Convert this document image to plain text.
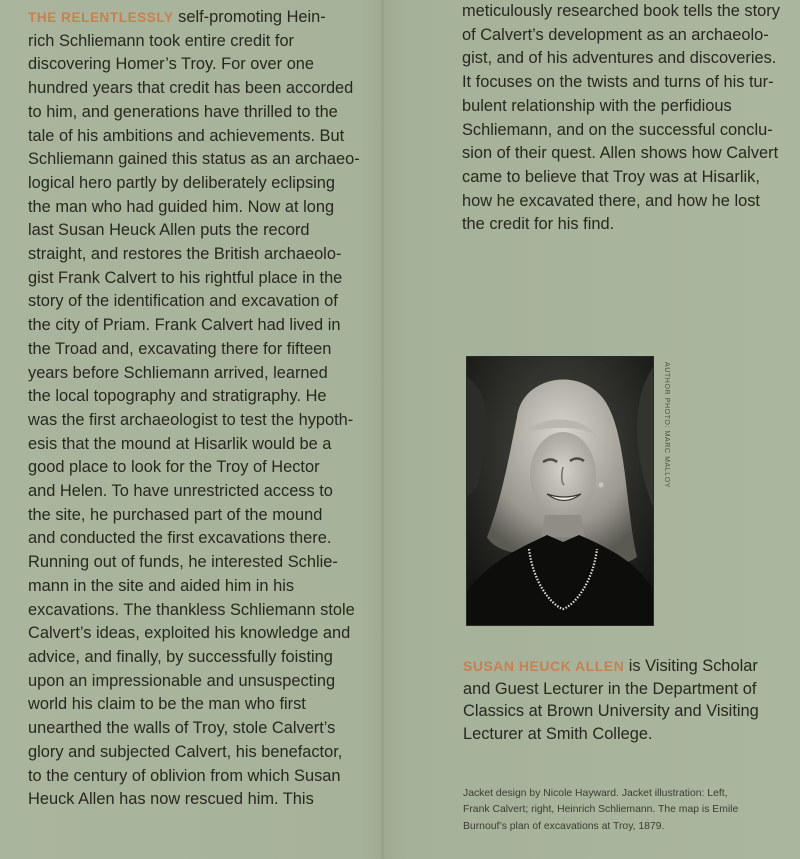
THE RELENTLESSLY self-promoting Hein-
rich Schliemann took entire credit for
discovering Homer’s Troy. For over one
hundred years that credit has been accorded
to him, and generations have thrilled to the
tale of his ambitions and achievements. But
Schliemann gained this status as an archaeo-
logical hero partly by deliberately eclipsing
the man who had guided him. Now at long
last Susan Heuck Allen puts the record
straight, and restores the British archaeolo-
gist Frank Calvert to his rightful place in the
story of the identification and excavation of
the city of Priam. Frank Calvert had lived in
the Troad and, excavating there for fifteen
years before Schliemann arrived, learned
the local topography and stratigraphy. He
was the first archaeologist to test the hypoth-
esis that the mound at Hisarlik would be a
good place to look for the Troy of Hector
and Helen. To have unrestricted access to
the site, he purchased part of the mound
and conducted the first excavations there.
Running out of funds, he interested Schlie-
mann in the site and aided him in his
excavations. The thankless Schliemann stole
Calvert’s ideas, exploited his knowledge and
advice, and finally, by successfully foisting
upon an impressionable and unsuspecting
world his claim to be the man who first
unearthed the walls of Troy, stole Calvert’s
glory and subjected Calvert, his benefactor,
to the century of oblivion from which Susan
Heuck Allen has now rescued him. This
meticulously researched book tells the story
of Calvert’s development as an archaeolo-
gist, and of his adventures and discoveries.
It focuses on the twists and turns of his tur-
bulent relationship with the perfidious
Schliemann, and on the successful conclu-
sion of their quest. Allen shows how Calvert
came to believe that Troy was at Hisarlik,
how he excavated there, and how he lost
the credit for his find.
AUTHOR PHOTO: MARC MALLOY
SUSAN HEUCK ALLEN is Visiting Scholar
and Guest Lecturer in the Department of
Classics at Brown University and Visiting
Lecturer at Smith College.
Jacket design by Nicole Hayward. Jacket illustration: Left,
Frank Calvert; right, Heinrich Schliemann. The map is Emile
Burnouf’s plan of excavations at Troy, 1879.
